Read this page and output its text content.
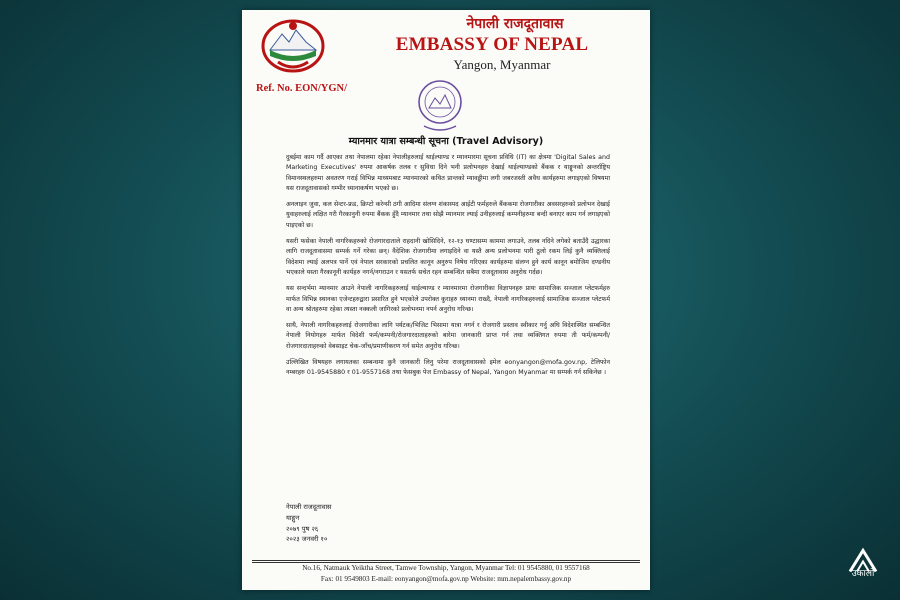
नेपाली राजदूतावास
EMBASSY OF NEPAL
Yangon, Myanmar
Ref. No. EON/YGN/
म्यानमार यात्रा सम्बन्धी सूचना (Travel Advisory)

दुबईमा काम गर्दै आएका तथा नेपालमा रहेका नेपालीहरुलाई थाईल्याण्ड र म्यानमारमा सूचना प्रविधि (IT) का क्षेत्रमा 'Digital Sales and Marketing Executives' रुपमा आकर्षक तलब र सुविधा दिने भनी प्रलोभनहरु देखाई थाईल्याण्डको बैंकक र याङ्गुनको अन्तर्राष्ट्रिय विमानस्थलहरुमा अवतरण गराई विभिन्न माध्यमबाट म्यानमारको कथित प्रान्तको म्यावड्डीमा लगी जबरजस्ती अवैध कार्यहरुमा लगाइएको विषयमा यस राजदूतावासको गम्भीर ध्यानाकर्षण भएको छ।

अनलाइन जुवा, कल सेन्टर-फ्रड, क्रिप्टो करेन्सी ठगी आदिमा संलग्न शंकास्पद आईटी फर्महरुले बैंककमा रोजगारीका अवसरहरुको प्रलोभन देखाई युवाहरुलाई लक्षित गरी गैरकानुनी रुपमा बैंकक हुँदै म्यानमार तथा सोझै म्यानमार ल्याई उनीहरुलाई कम्पनीहरुमा बन्दी बनाएर काम गर्न लगाइएको पाइएको छ।

यसरी फसेका नेपाली नागरिकहरुको रोजगारदाताले राहदानी खोसिदिने, १२-१३ घण्टासम्म काममा लगाउने, तलब नदिने लगेको बताउँदै उद्धारका लागि राजदूतावासमा सम्पर्क गर्ने गरेका छन्। वैदेशिक रोजगारीमा लगाइदिने वा यस्तै अन्य प्रलोभनमा पारी ठूलो रकम लिई कुनै व्यक्तिलाई विदेशमा ल्याई अलपत्र पार्ने एवं नेपाल सरकारको प्रचलित कानून अनुरुप निषेध गरिएका कार्यहरुमा संलग्न हुने कार्य कानून बमोजिम दण्डनीय भएकाले यस्ता गैरकानूनी कार्यहरु नगर्न/नगराउन र यसतर्फ सचेत रहन सम्बन्धित सबैमा राजदूतावास अनुरोध गर्दछ।

यस सन्दर्भमा म्यानमार आउने नेपाली नागरिकहरुलाई थाईल्याण्ड र म्यानमारमा रोजगारीका विज्ञापनहरु प्रायः सामाजिक सञ्जाल प्लेटफर्महरु मार्फत विभिन्न स्थानका एजेन्टहरुद्वारा प्रसारित हुने भएकोले उपरोक्त कुराहरु ध्यानमा राख्दै, नेपाली नागरिकहरुलाई सामाजिक सञ्जाल प्लेटफर्म वा अन्य श्रोतहरुमा रहेका त्यस्ता नक्कली जागिरको प्रलोभनमा नपर्न अनुरोध गरिन्छ।

साथै, नेपाली नागरिकहरुलाई रोजगारीका लागि पर्यटक/भिजिट भिसामा यात्रा नगर्न र रोजगारी प्रस्ताव स्वीकार गर्नु अघि विदेशस्थित सम्बन्धित नेपाली नियोगहरु मार्फत विदेशी फर्म/कम्पनी/रोजगारदाताहरुको बारेमा जानकारी प्राप्त गर्न तथा व्यक्तिगत रुपमा ती फर्म/कम्पनी/रोजगारदाताहरुको वेबसाइट चेक-जाँच/प्रमाणीकरण गर्न समेत अनुरोध गरिन्छ।

उल्लिखित विषयहरु लगायतका सम्बन्धमा कुनै जानकारी लिनु परेमा राजदूतावासको इमेल eonyangon@mofa.gov.np, टेलिफोन नम्बरहरु 01-9545880 र 01-9557168 तथा फेसबुक पेज Embassy of Nepal, Yangon Myanmar मा सम्पर्क गर्न सकिनेछ ।

नेपाली राजदूतावास
याङ्गुन
२०७९ पुष २६
२०२३ जनवरी १०
No.16, Natmauk Yeiktha Street, Tamwe Township, Yangon, Myanmar Tel: 01 9545880, 01 9557168
Fax: 01 9549803 E-mail: eonyangon@mofa.gov.np Website: mm.nepalembassy.gov.np	उकालो
